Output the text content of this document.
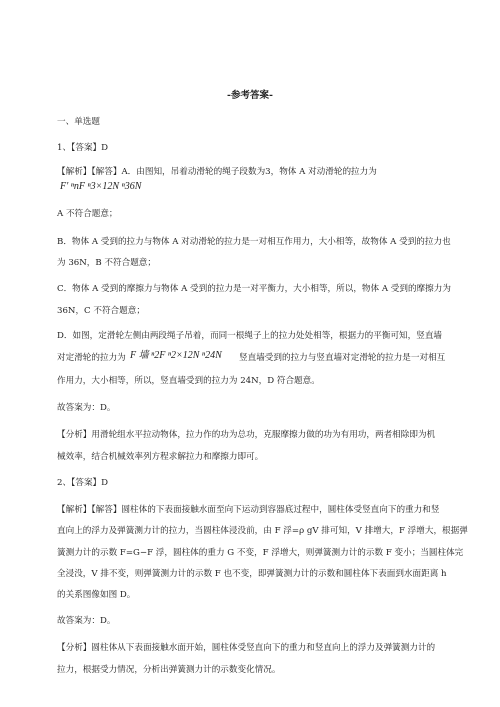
-参考答案-
一、单选题
1、【答案】D
【解析】【解答】A．由图知，吊着动滑轮的绳子段数为3，物体 A 对动滑轮的拉力为
F' ⁿnF ⁿ3×12N ⁿ36N
A 不符合题意；
B．物体 A 受到的拉力与物体 A 对动滑轮的拉力是一对相互作用力，大小相等，故物体 A 受到的拉力也
为 36N，B 不符合题意；
C．物体 A 受到的摩擦力与物体 A 受到的拉力是一对平衡力，大小相等，所以，物体 A 受到的摩擦力为
36N，C 不符合题意；
D．如图，定滑轮左侧由两段绳子吊着，而同一根绳子上的拉力处处相等，根据力的平衡可知，竖直墙
对定滑轮的拉力为 F 墙 ⁿ2F ⁿ2×12N ⁿ24N 竖直墙受到的拉力与竖直墙对定滑轮的拉力是一对相互
作用力，大小相等，所以，竖直墙受到的拉力为 24N，D 符合题意。
故答案为：D。
【分析】用滑轮组水平拉动物体，拉力作的功为总功，克服摩擦力做的功为有用功，两者相除即为机
械效率，结合机械效率列方程求解拉力和摩擦力即可。
2、【答案】D
【解析】【解答】圆柱体的下表面接触水面至向下运动到容器底过程中，圆柱体受竖直向下的重力和竖
直向上的浮力及弹簧测力计的拉力，当圆柱体浸没前，由 F 浮=ρ gV 排可知，V 排增大，F 浮增大，根据弹
簧测力计的示数 F=G−F 浮，圆柱体的重力 G 不变，F 浮增大，则弹簧测力计的示数 F 变小；当圆柱体完
全浸没，V 排不变，则弹簧测力计的示数 F 也不变，即弹簧测力计的示数和圆柱体下表面到水面距离 h
的关系图像如图 D。
故答案为：D。
【分析】圆柱体从下表面接触水面开始，圆柱体受竖直向下的重力和竖直向上的浮力及弹簧测力计的
拉力，根据受力情况，分析出弹簧测力计的示数变化情况。
